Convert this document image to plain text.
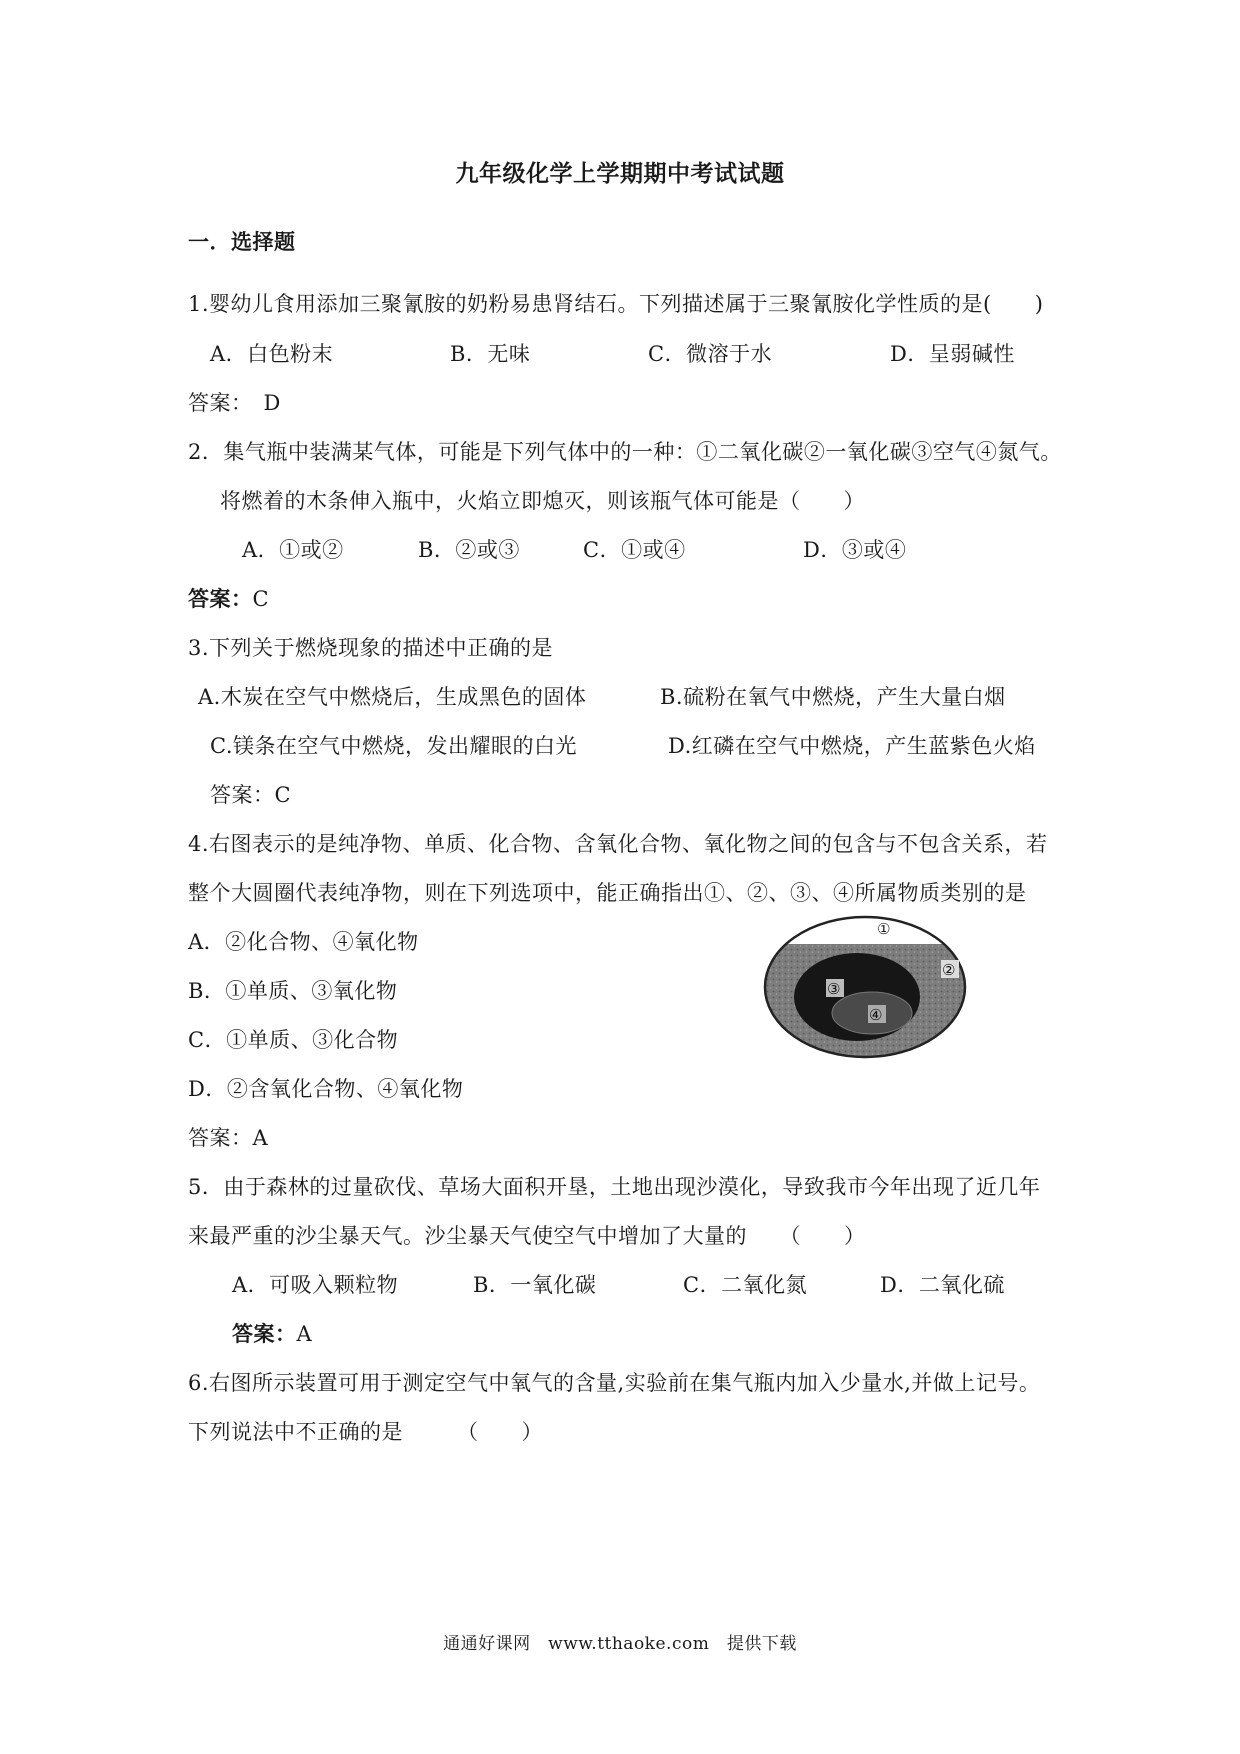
九年级化学上学期期中考试试题
一．选择题
1.婴幼儿食用添加三聚氰胺的奶粉易患肾结石。下列描述属于三聚氰胺化学性质的是(　　)
A．白色粉末	B．无味	C．微溶于水	D．呈弱碱性
答案：　D
2．集气瓶中装满某气体，可能是下列气体中的一种：①二氧化碳②一氧化碳③空气④氮气。
将燃着的木条伸入瓶中，火焰立即熄灭，则该瓶气体可能是（　　）
A．①或②	B．②或③	C．①或④	D．③或④
答案：C
3.下列关于燃烧现象的描述中正确的是
A.木炭在空气中燃烧后，生成黑色的固体	B.硫粉在氧气中燃烧，产生大量白烟
C.镁条在空气中燃烧，发出耀眼的白光	D.红磷在空气中燃烧，产生蓝紫色火焰
答案：C
4.右图表示的是纯净物、单质、化合物、含氧化合物、氧化物之间的包含与不包含关系，若
整个大圆圈代表纯净物，则在下列选项中，能正确指出①、②、③、④所属物质类别的是
A．②化合物、④氧化物
B．①单质、③氧化物
C．①单质、③化合物
D．②含氧化合物、④氧化物
答案：A
①
②
③
④
5．由于森林的过量砍伐、草场大面积开垦，土地出现沙漠化，导致我市今年出现了近几年
来最严重的沙尘暴天气。沙尘暴天气使空气中增加了大量的　　（　　）
A．可吸入颗粒物	B．一氧化碳	C．二氧化氮	D．二氧化硫
答案：A
6.右图所示装置可用于测定空气中氧气的含量,实验前在集气瓶内加入少量水,并做上记号。
下列说法中不正确的是　　　（　　）
通通好课网　www.tthaoke.com　提供下载
